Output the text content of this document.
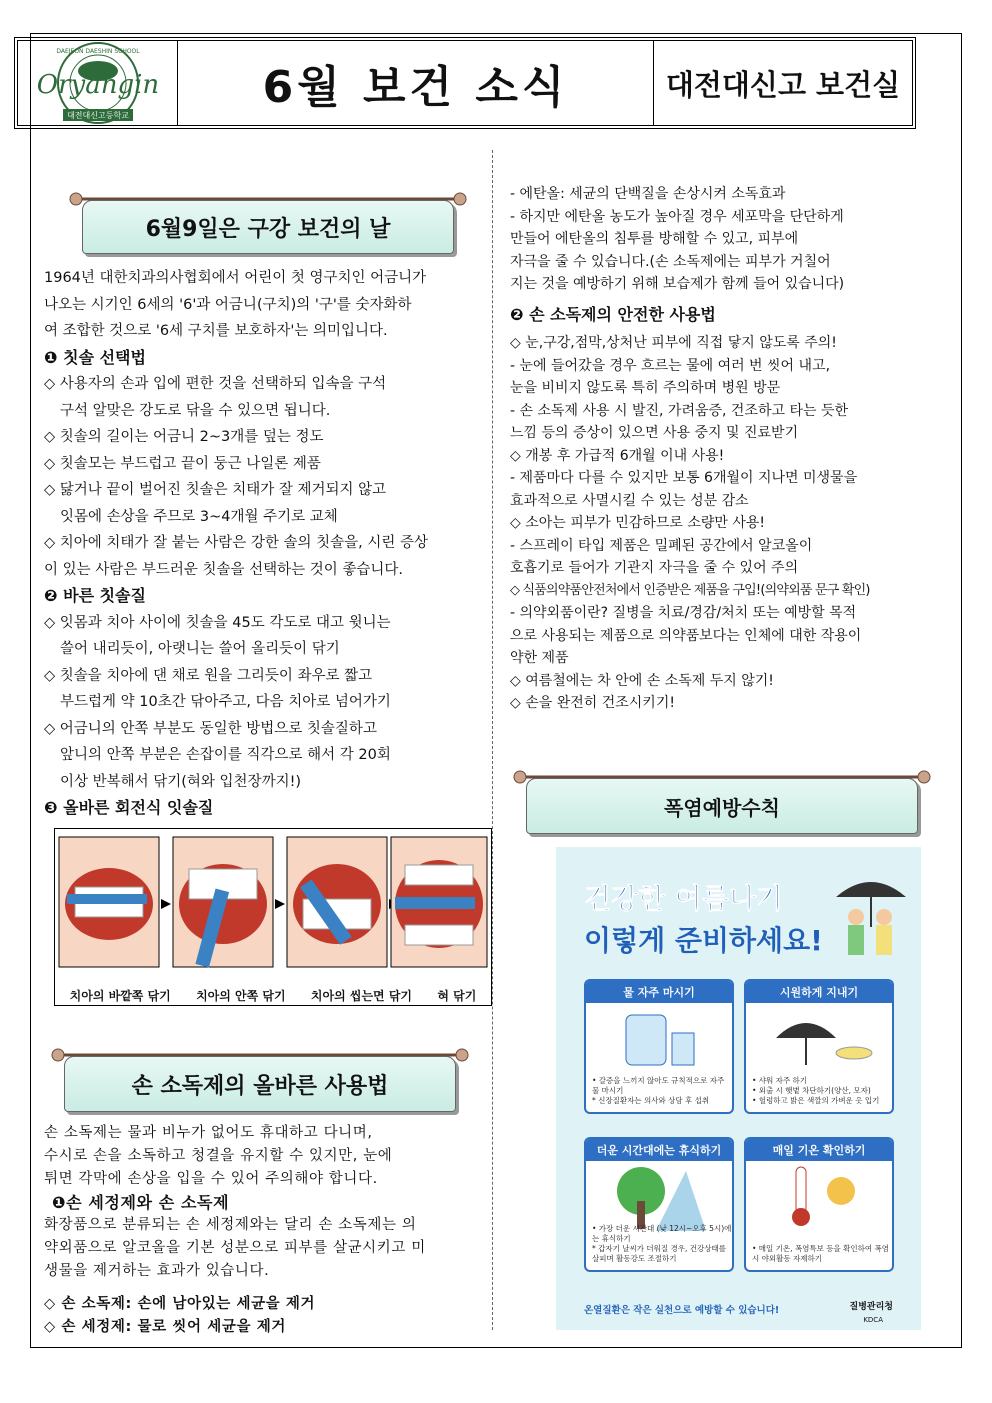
Oryangin
DAEJEON DAESHIN SCHOOL
대전대신고등학교
6월 보건 소식	대전대신고 보건실
6월9일은 구강 보건의 날

1964년 대한치과의사협회에서 어린이 첫 영구치인 어금니가

나오는 시기인 6세의 '6'과 어금니(구치)의 '구'를 숫자화하

여 조합한 것으로 '6세 구치를 보호하자'는 의미입니다.

❶ 칫솔 선택법

◇ 사용자의 손과 입에 편한 것을 선택하되 입속을 구석

구석 알맞은 강도로 닦을 수 있으면 됩니다.

◇ 칫솔의 길이는 어금니 2~3개를 덮는 정도

◇ 칫솔모는 부드럽고 끝이 둥근 나일론 제품

◇ 닳거나 끝이 벌어진 칫솔은 치태가 잘 제거되지 않고

잇몸에 손상을 주므로 3~4개월 주기로 교체

◇ 치아에 치태가 잘 붙는 사람은 강한 솔의 칫솔을, 시린 증상

이 있는 사람은 부드러운 칫솔을 선택하는 것이 좋습니다.

❷ 바른 칫솔질

◇ 잇몸과 치아 사이에 칫솔을 45도 각도로 대고 윗니는

쓸어 내리듯이, 아랫니는 쓸어 올리듯이 닦기

◇ 칫솔을 치아에 댄 채로 원을 그리듯이 좌우로 짧고

부드럽게 약 10초간 닦아주고, 다음 치아로 넘어가기

◇ 어금니의 안쪽 부분도 동일한 방법으로 칫솔질하고

앞니의 안쪽 부분은 손잡이를 직각으로 해서 각 20회

이상 반복해서 닦기(혀와 입천장까지!)

❸ 올바른 회전식 잇솔질

치아의 바깥쪽 닦기 치아의 안쪽 닦기 치아의 씹는면 닦기 혀 닦기
손 소독제의 올바른 사용법

손 소독제는 물과 비누가 없어도 휴대하고 다니며,

수시로 손을 소독하고 청결을 유지할 수 있지만, 눈에

튀면 각막에 손상을 입을 수 있어 주의해야 합니다.

❶손 세정제와 손 소독제

화장품으로 분류되는 손 세정제와는 달리 손 소독제는 의

약외품으로 알코올을 기본 성분으로 피부를 살균시키고 미

생물을 제거하는 효과가 있습니다.

◇ 손 소독제: 손에 남아있는 세균을 제거

◇ 손 세정제: 물로 씻어 세균을 제거

- 에탄올: 세균의 단백질을 손상시켜 소독효과

- 하지만 에탄올 농도가 높아질 경우 세포막을 단단하게

만들어 에탄올의 침투를 방해할 수 있고, 피부에

자극을 줄 수 있습니다.(손 소독제에는 피부가 거칠어

지는 것을 예방하기 위해 보습제가 함께 들어 있습니다)

❷ 손 소독제의 안전한 사용법

◇ 눈,구강,점막,상처난 피부에 직접 닿지 않도록 주의!

- 눈에 들어갔을 경우 흐르는 물에 여러 번 씻어 내고,

눈을 비비지 않도록 특히 주의하며 병원 방문

- 손 소독제 사용 시 발진, 가려움증, 건조하고 타는 듯한

느낌 등의 증상이 있으면 사용 중지 및 진료받기

◇ 개봉 후 가급적 6개월 이내 사용!

- 제품마다 다를 수 있지만 보통 6개월이 지나면 미생물을

효과적으로 사멸시킬 수 있는 성분 감소

◇ 소아는 피부가 민감하므로 소량만 사용!

- 스프레이 타입 제품은 밀폐된 공간에서 알코올이

호흡기로 들어가 기관지 자극을 줄 수 있어 주의

◇ 식품의약품안전처에서 인증받은 제품을 구입!(의약외품 문구 확인)

- 의약외품이란? 질병을 치료/경감/처치 또는 예방할 목적

으로 사용되는 제품으로 의약품보다는 인체에 대한 작용이

약한 제품

◇ 여름철에는 차 안에 손 소독제 두지 않기!

◇ 손을 완전히 건조시키기!

폭염예방수칙
건강한 여름나기
이렇게 준비하세요!
물 자주 마시기
• 갈증을 느끼지 않아도 규칙적으로 자주 물 마시기
* 신장질환자는 의사와 상담 후 섭취
시원하게 지내기
• 샤워 자주 하기
• 외출 시 햇볕 차단하기(양산, 모자)
• 헐렁하고 밝은 색깔의 가벼운 옷 입기
더운 시간대에는 휴식하기
• 가장 더운 시간대 (낮 12시~오후 5시)에는 휴식하기
* 갑자기 날씨가 더워질 경우, 건강상태를 살피며 활동강도 조절하기
매일 기온 확인하기
• 매일 기온, 폭염특보 등을 확인하여 폭염 시 야외활동 자제하기
온열질환은 작은 실천으로 예방할 수 있습니다!	질병관리청
KDCA
